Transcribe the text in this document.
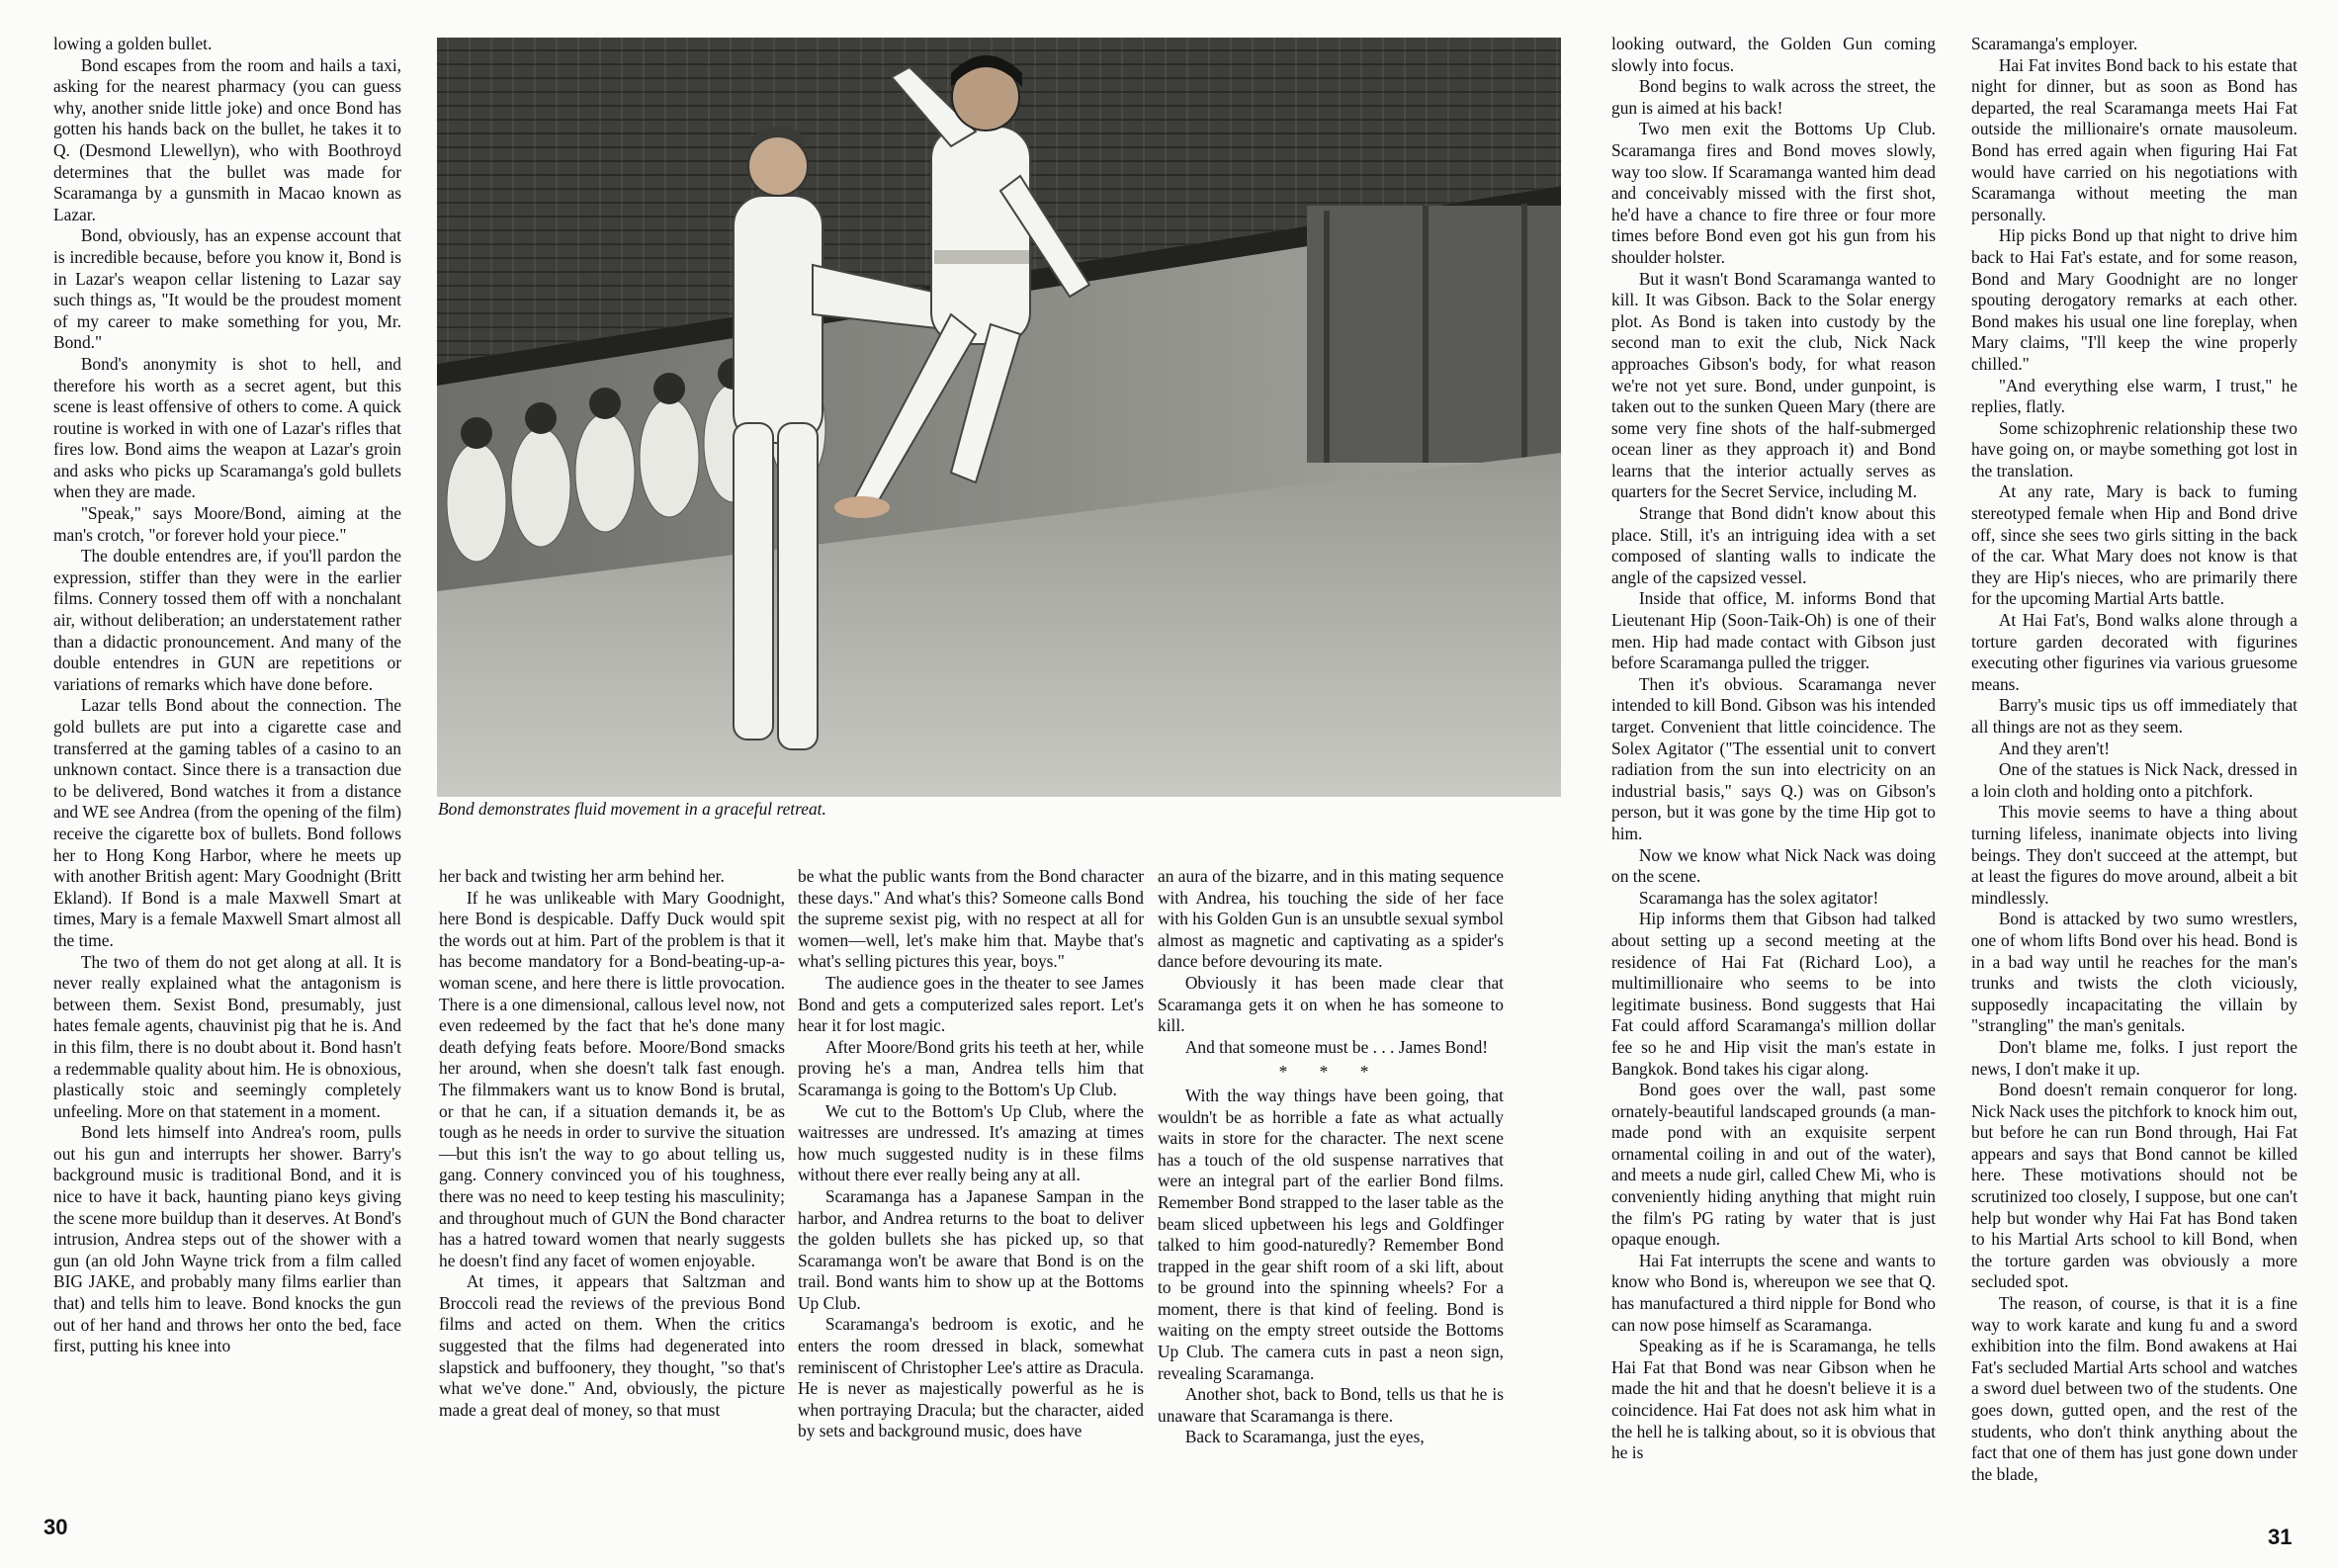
lowing a golden bullet.

Bond escapes from the room and hails a taxi, asking for the nearest pharmacy (you can guess why, another snide little joke) and once Bond has gotten his hands back on the bullet, he takes it to Q. (Desmond Llewellyn), who with Boothroyd determines that the bullet was made for Scaramanga by a gunsmith in Macao known as Lazar.

Bond, obviously, has an expense account that is incredible because, before you know it, Bond is in Lazar's weapon cellar listening to Lazar say such things as, "It would be the proudest moment of my career to make something for you, Mr. Bond."

Bond's anonymity is shot to hell, and therefore his worth as a secret agent, but this scene is least offensive of others to come. A quick routine is worked in with one of Lazar's rifles that fires low. Bond aims the weapon at Lazar's groin and asks who picks up Scaramanga's gold bullets when they are made.

"Speak," says Moore/Bond, aiming at the man's crotch, "or forever hold your piece."

The double entendres are, if you'll pardon the expression, stiffer than they were in the earlier films. Connery tossed them off with a nonchalant air, without deliberation; an understatement rather than a didactic pronouncement. And many of the double entendres in GUN are repetitions or variations of remarks which have done before.

Lazar tells Bond about the connection. The gold bullets are put into a cigarette case and transferred at the gaming tables of a casino to an unknown contact. Since there is a transaction due to be delivered, Bond watches it from a distance and WE see Andrea (from the opening of the film) receive the cigarette box of bullets. Bond follows her to Hong Kong Harbor, where he meets up with another British agent: Mary Goodnight (Britt Ekland). If Bond is a male Maxwell Smart at times, Mary is a female Maxwell Smart almost all the time.

The two of them do not get along at all. It is never really explained what the antagonism is between them. Sexist Bond, presumably, just hates female agents, chauvinist pig that he is. And in this film, there is no doubt about it. Bond hasn't a redemmable quality about him. He is obnoxious, plastically stoic and seemingly completely unfeeling. More on that statement in a moment.

Bond lets himself into Andrea's room, pulls out his gun and interrupts her shower. Barry's background music is traditional Bond, and it is nice to have it back, haunting piano keys giving the scene more buildup than it deserves. At Bond's intrusion, Andrea steps out of the shower with a gun (an old John Wayne trick from a film called BIG JAKE, and probably many films earlier than that) and tells him to leave. Bond knocks the gun out of her hand and throws her onto the bed, face first, putting his knee into

Bond demonstrates fluid movement in a graceful retreat.

her back and twisting her arm behind her.

If he was unlikeable with Mary Goodnight, here Bond is despicable. Daffy Duck would spit the words out at him. Part of the problem is that it has become mandatory for a Bond-beating-up-a-woman scene, and here there is little provocation. There is a one dimensional, callous level now, not even redeemed by the fact that he's done many death defying feats before. Moore/Bond smacks her around, when she doesn't talk fast enough. The filmmakers want us to know Bond is brutal, or that he can, if a situation demands it, be as tough as he needs in order to survive the situation—but this isn't the way to go about telling us, gang. Connery convinced you of his toughness, there was no need to keep testing his masculinity; and throughout much of GUN the Bond character has a hatred toward women that nearly suggests he doesn't find any facet of women enjoyable.

At times, it appears that Saltzman and Broccoli read the reviews of the previous Bond films and acted on them. When the critics suggested that the films had degenerated into slapstick and buffoonery, they thought, "so that's what we've done." And, obviously, the picture made a great deal of money, so that must

be what the public wants from the Bond character these days." And what's this? Someone calls Bond the supreme sexist pig, with no respect at all for women—well, let's make him that. Maybe that's what's selling pictures this year, boys."

The audience goes in the theater to see James Bond and gets a computerized sales report. Let's hear it for lost magic.

After Moore/Bond grits his teeth at her, while proving he's a man, Andrea tells him that Scaramanga is going to the Bottom's Up Club.

We cut to the Bottom's Up Club, where the waitresses are undressed. It's amazing at times how much suggested nudity is in these films without there ever really being any at all.

Scaramanga has a Japanese Sampan in the harbor, and Andrea returns to the boat to deliver the golden bullets she has picked up, so that Scaramanga won't be aware that Bond is on the trail. Bond wants him to show up at the Bottoms Up Club.

Scaramanga's bedroom is exotic, and he enters the room dressed in black, somewhat reminiscent of Christopher Lee's attire as Dracula. He is never as majestically powerful as he is when portraying Dracula; but the character, aided by sets and background music, does have

an aura of the bizarre, and in this mating sequence with Andrea, his touching the side of her face with his Golden Gun is an unsubtle sexual symbol almost as magnetic and captivating as a spider's dance before devouring its mate.

Obviously it has been made clear that Scaramanga gets it on when he has someone to kill.

And that someone must be . . . James Bond!

* * *

With the way things have been going, that wouldn't be as horrible a fate as what actually waits in store for the character. The next scene has a touch of the old suspense narratives that were an integral part of the earlier Bond films. Remember Bond strapped to the laser table as the beam sliced upbetween his legs and Goldfinger talked to him good-naturedly? Remember Bond trapped in the gear shift room of a ski lift, about to be ground into the spinning wheels? For a moment, there is that kind of feeling. Bond is waiting on the empty street outside the Bottoms Up Club. The camera cuts in past a neon sign, revealing Scaramanga.

Another shot, back to Bond, tells us that he is unaware that Scaramanga is there.

Back to Scaramanga, just the eyes,

looking outward, the Golden Gun coming slowly into focus.

Bond begins to walk across the street, the gun is aimed at his back!

Two men exit the Bottoms Up Club. Scaramanga fires and Bond moves slowly, way too slow. If Scaramanga wanted him dead and conceivably missed with the first shot, he'd have a chance to fire three or four more times before Bond even got his gun from his shoulder holster.

But it wasn't Bond Scaramanga wanted to kill. It was Gibson. Back to the Solar energy plot. As Bond is taken into custody by the second man to exit the club, Nick Nack approaches Gibson's body, for what reason we're not yet sure. Bond, under gunpoint, is taken out to the sunken Queen Mary (there are some very fine shots of the half-submerged ocean liner as they approach it) and Bond learns that the interior actually serves as quarters for the Secret Service, including M.

Strange that Bond didn't know about this place. Still, it's an intriguing idea with a set composed of slanting walls to indicate the angle of the capsized vessel.

Inside that office, M. informs Bond that Lieutenant Hip (Soon-Taik-Oh) is one of their men. Hip had made contact with Gibson just before Scaramanga pulled the trigger.

Then it's obvious. Scaramanga never intended to kill Bond. Gibson was his intended target. Convenient that little coincidence. The Solex Agitator ("The essential unit to convert radiation from the sun into electricity on an industrial basis," says Q.) was on Gibson's person, but it was gone by the time Hip got to him.

Now we know what Nick Nack was doing on the scene.

Scaramanga has the solex agitator!

Hip informs them that Gibson had talked about setting up a second meeting at the residence of Hai Fat (Richard Loo), a multimillionaire who seems to be into legitimate business. Bond suggests that Hai Fat could afford Scaramanga's million dollar fee so he and Hip visit the man's estate in Bangkok. Bond takes his cigar along.

Bond goes over the wall, past some ornately-beautiful landscaped grounds (a man-made pond with an exquisite serpent ornamental coiling in and out of the water), and meets a nude girl, called Chew Mi, who is conveniently hiding anything that might ruin the film's PG rating by water that is just opaque enough.

Hai Fat interrupts the scene and wants to know who Bond is, whereupon we see that Q. has manufactured a third nipple for Bond who can now pose himself as Scaramanga.

Speaking as if he is Scaramanga, he tells Hai Fat that Bond was near Gibson when he made the hit and that he doesn't believe it is a coincidence. Hai Fat does not ask him what in the hell he is talking about, so it is obvious that he is

Scaramanga's employer.

Hai Fat invites Bond back to his estate that night for dinner, but as soon as Bond has departed, the real Scaramanga meets Hai Fat outside the millionaire's ornate mausoleum. Bond has erred again when figuring Hai Fat would have carried on his negotiations with Scaramanga without meeting the man personally.

Hip picks Bond up that night to drive him back to Hai Fat's estate, and for some reason, Bond and Mary Goodnight are no longer spouting derogatory remarks at each other. Bond makes his usual one line foreplay, when Mary claims, "I'll keep the wine properly chilled."

"And everything else warm, I trust," he replies, flatly.

Some schizophrenic relationship these two have going on, or maybe something got lost in the translation.

At any rate, Mary is back to fuming stereotyped female when Hip and Bond drive off, since she sees two girls sitting in the back of the car. What Mary does not know is that they are Hip's nieces, who are primarily there for the upcoming Martial Arts battle.

At Hai Fat's, Bond walks alone through a torture garden decorated with figurines executing other figurines via various gruesome means.

Barry's music tips us off immediately that all things are not as they seem.

And they aren't!

One of the statues is Nick Nack, dressed in a loin cloth and holding onto a pitchfork.

This movie seems to have a thing about turning lifeless, inanimate objects into living beings. They don't succeed at the attempt, but at least the figures do move around, albeit a bit mindlessly.

Bond is attacked by two sumo wrestlers, one of whom lifts Bond over his head. Bond is in a bad way until he reaches for the man's trunks and twists the cloth viciously, supposedly incapacitating the villain by "strangling" the man's genitals.

Don't blame me, folks. I just report the news, I don't make it up.

Bond doesn't remain conqueror for long. Nick Nack uses the pitchfork to knock him out, but before he can run Bond through, Hai Fat appears and says that Bond cannot be killed here. These motivations should not be scrutinized too closely, I suppose, but one can't help but wonder why Hai Fat has Bond taken to his Martial Arts school to kill Bond, when the torture garden was obviously a more secluded spot.

The reason, of course, is that it is a fine way to work karate and kung fu and a sword exhibition into the film. Bond awakens at Hai Fat's secluded Martial Arts school and watches a sword duel between two of the students. One goes down, gutted open, and the rest of the students, who don't think anything about the fact that one of them has just gone down under the blade,

30	31
